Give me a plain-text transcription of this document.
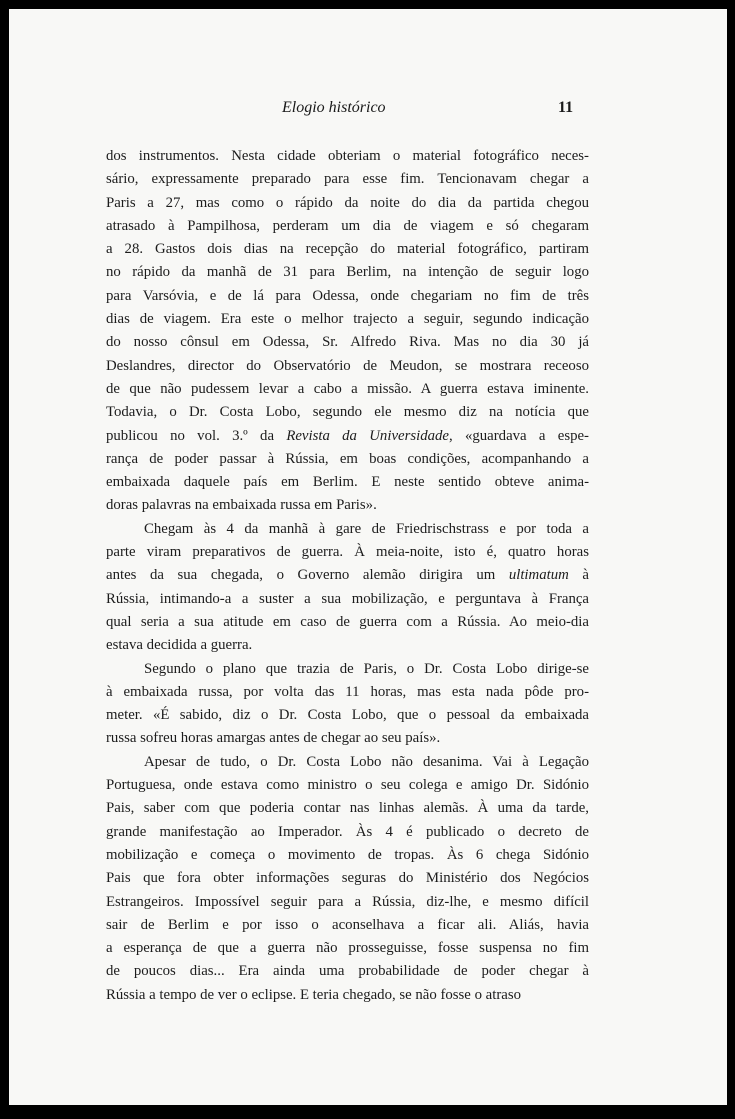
Elogio histórico	11
dos instrumentos. Nesta cidade obteriam o material fotográfico neces-
sário, expressamente preparado para esse fim. Tencionavam chegar a
Paris a 27, mas como o rápido da noite do dia da partida chegou
atrasado à Pampilhosa, perderam um dia de viagem e só chegaram
a 28. Gastos dois dias na recepção do material fotográfico, partiram
no rápido da manhã de 31 para Berlim, na intenção de seguir logo
para Varsóvia, e de lá para Odessa, onde chegariam no fim de três
dias de viagem. Era este o melhor trajecto a seguir, segundo indicação
do nosso cônsul em Odessa, Sr. Alfredo Riva. Mas no dia 30 já
Deslandres, director do Observatório de Meudon, se mostrara receoso
de que não pudessem levar a cabo a missão. A guerra estava iminente.
Todavia, o Dr. Costa Lobo, segundo ele mesmo diz na notícia que
publicou no vol. 3.º da Revista da Universidade, «guardava a espe-
rança de poder passar à Rússia, em boas condições, acompanhando a
embaixada daquele país em Berlim. E neste sentido obteve anima-
doras palavras na embaixada russa em Paris».
Chegam às 4 da manhã à gare de Friedrischstrass e por toda a
parte viram preparativos de guerra. À meia-noite, isto é, quatro horas
antes da sua chegada, o Governo alemão dirigira um ultimatum à
Rússia, intimando-a a suster a sua mobilização, e perguntava à França
qual seria a sua atitude em caso de guerra com a Rússia. Ao meio-dia
estava decidida a guerra.
Segundo o plano que trazia de Paris, o Dr. Costa Lobo dirige-se
à embaixada russa, por volta das 11 horas, mas esta nada pôde pro-
meter. «É sabido, diz o Dr. Costa Lobo, que o pessoal da embaixada
russa sofreu horas amargas antes de chegar ao seu país».
Apesar de tudo, o Dr. Costa Lobo não desanima. Vai à Legação
Portuguesa, onde estava como ministro o seu colega e amigo Dr. Sidónio
Pais, saber com que poderia contar nas linhas alemãs. À uma da tarde,
grande manifestação ao Imperador. Às 4 é publicado o decreto de
mobilização e começa o movimento de tropas. Às 6 chega Sidónio
Pais que fora obter informações seguras do Ministério dos Negócios
Estrangeiros. Impossível seguir para a Rússia, diz-lhe, e mesmo difícil
sair de Berlim e por isso o aconselhava a ficar ali. Aliás, havia
a esperança de que a guerra não prosseguisse, fosse suspensa no fim
de poucos dias... Era ainda uma probabilidade de poder chegar à
Rússia a tempo de ver o eclipse. E teria chegado, se não fosse o atraso
